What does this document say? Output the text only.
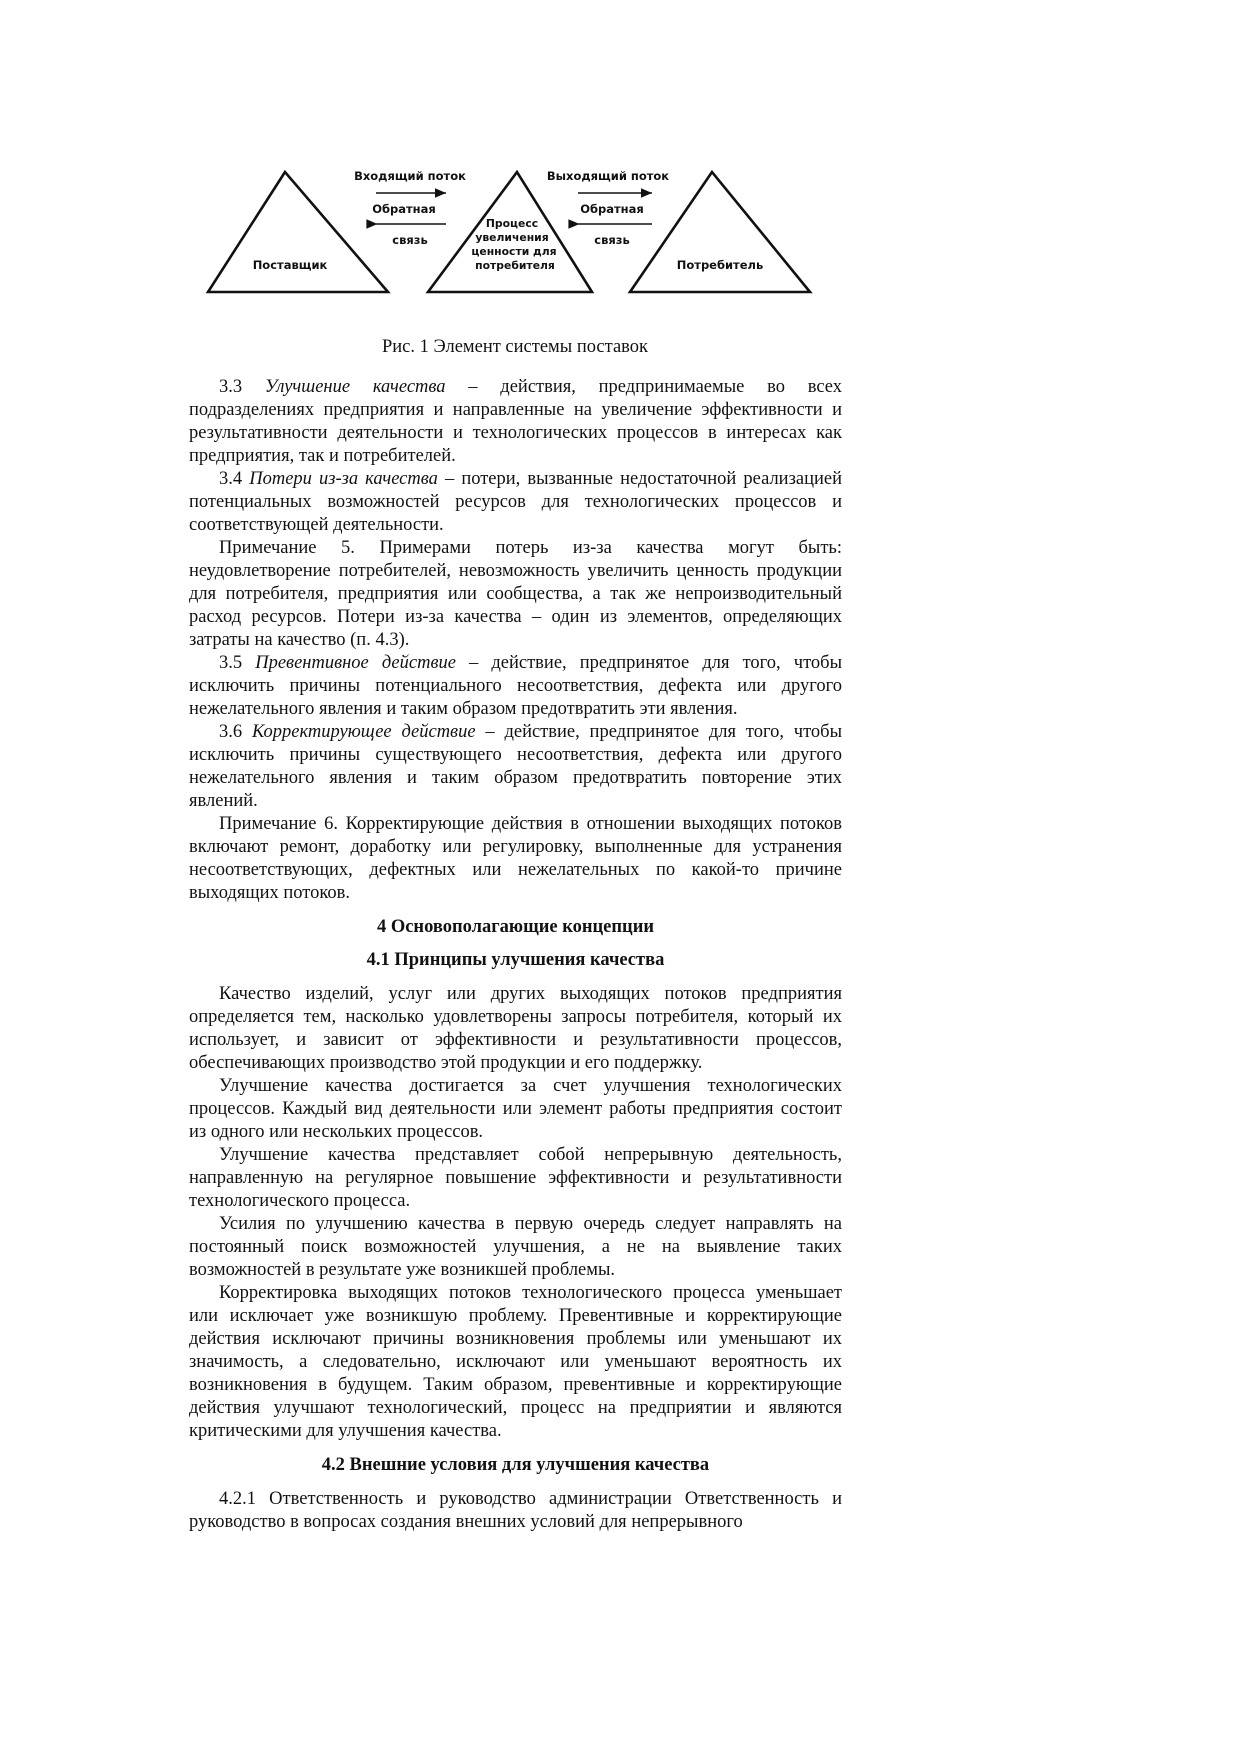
Поставщик
Процесс
увеличения
ценности для
потребителя	Потребитель
Входящий поток
Обратная
связь
Выходящий поток
Обратная
связь
Рис. 1 Элемент системы поставок

3.3 Улучшение качества – действия, предпринимаемые во всех подразделениях предприятия и направленные на увеличение эффективности и результативности деятельности и технологических процессов в интересах как предприятия, так и потребителей.

3.4 Потери из-за качества – потери, вызванные недостаточной реализацией потенциальных возможностей ресурсов для технологических процессов и соответствующей деятельности.

Примечание 5. Примерами потерь из-за качества могут быть: неудовлетворение потребителей, невозможность увеличить ценность продукции для потребителя, предприятия или сообщества, а так же непроизводительный расход ресурсов. Потери из-за качества – один из элементов, определяющих затраты на качество (п. 4.3).

3.5 Превентивное действие – действие, предпринятое для того, чтобы исключить причины потенциального несоответствия, дефекта или другого нежелательного явления и таким образом предотвратить эти явления.

3.6 Корректирующее действие – действие, предпринятое для того, чтобы исключить причины существующего несоответствия, дефекта или другого нежелательного явления и таким образом предотвратить повторение этих явлений.

Примечание 6. Корректирующие действия в отношении выходящих потоков включают ремонт, доработку или регулировку, выполненные для устранения несоответствующих, дефектных или нежелательных по какой-то причине выходящих потоков.

4 Основополагающие концепции
4.1 Принципы улучшения качества

Качество изделий, услуг или других выходящих потоков предприятия определяется тем, насколько удовлетворены запросы потребителя, который их использует, и зависит от эффективности и результативности процессов, обеспечивающих производство этой продукции и его поддержку.

Улучшение качества достигается за счет улучшения технологических процессов. Каждый вид деятельности или элемент работы предприятия состоит из одного или нескольких процессов.

Улучшение качества представляет собой непрерывную деятельность, направленную на регулярное повышение эффективности и результативности технологического процесса.

Усилия по улучшению качества в первую очередь следует направлять на постоянный поиск возможностей улучшения, а не на выявление таких возможностей в результате уже возникшей проблемы.

Корректировка выходящих потоков технологического процесса уменьшает или исключает уже возникшую проблему. Превентивные и корректирующие действия исключают причины возникновения проблемы или уменьшают их значимость, а следовательно, исключают или уменьшают вероятность их возникновения в будущем. Таким образом, превентивные и корректирующие действия улучшают технологический, процесс на предприятии и являются критическими для улучшения качества.

4.2 Внешние условия для улучшения качества

4.2.1 Ответственность и руководство администрации Ответственность и руководство в вопросах создания внешних условий для непрерывного
